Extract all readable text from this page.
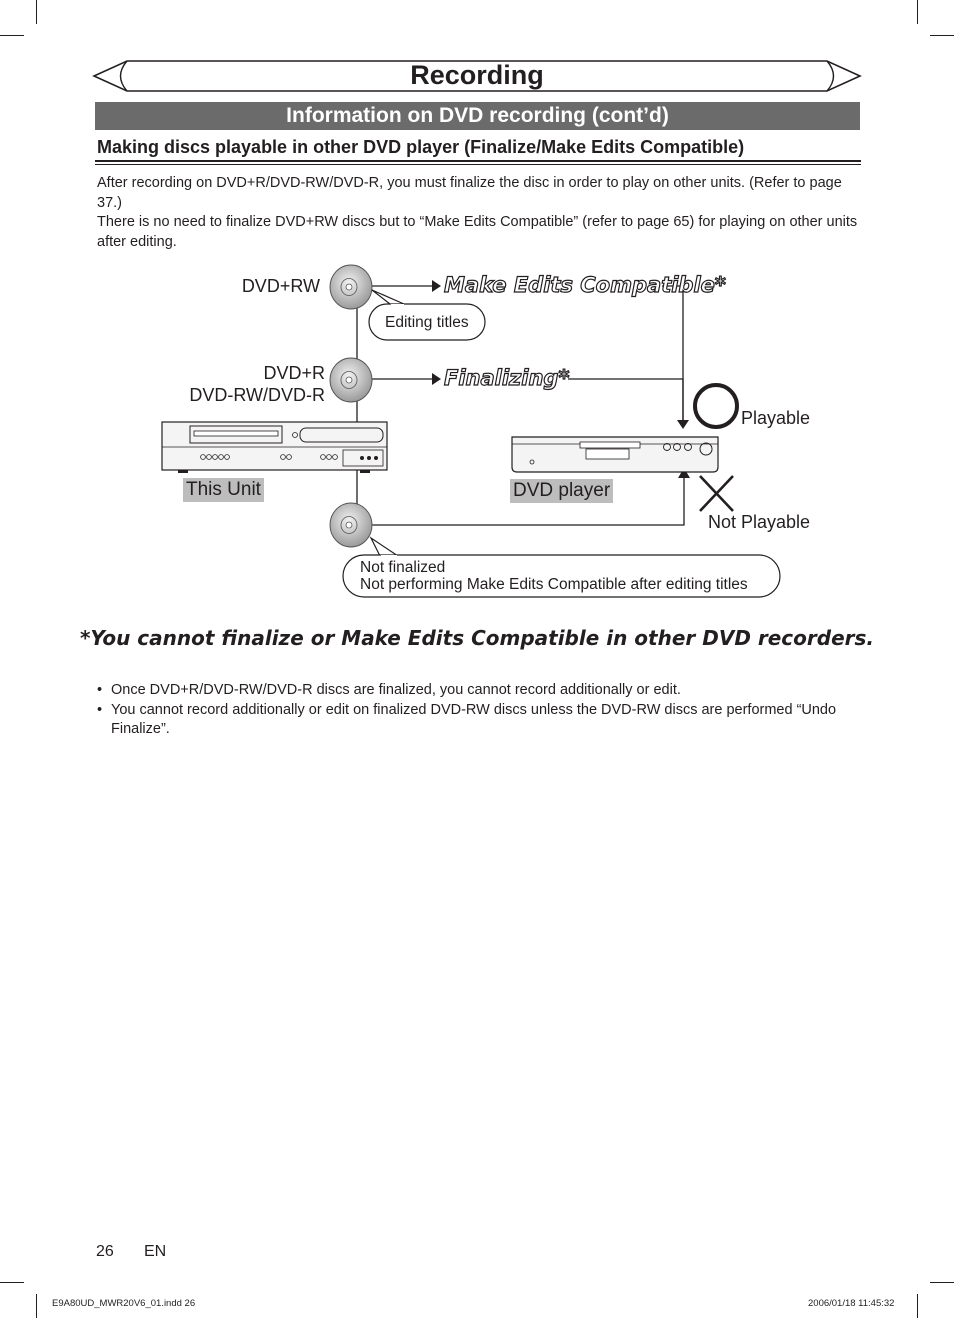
Recording
Information on DVD recording (cont’d)
Making discs playable in other DVD player (Finalize/Make Edits Compatible)

After recording on DVD+R/DVD-RW/DVD-R, you must finalize the disc in order to play on other units. (Refer to page 37.)

There is no need to finalize DVD+RW discs but to “Make Edits Compatible” (refer to page 65) for playing on other units after editing.

DVD+RW
DVD+R
DVD-RW/DVD-R
Make Edits Compatible*
Finalizing*
Editing titles
This Unit	DVD player
Playable
Not Playable
Not finalized
Not performing Make Edits Compatible after editing titles
*You cannot finalize or Make Edits Compatible in other DVD recorders.
• Once DVD+R/DVD-RW/DVD-R discs are finalized, you cannot record additionally or edit.
• You cannot record additionally or edit on finalized DVD-RW discs unless the DVD-RW discs are performed “Undo Finalize”.
26 EN
E9A80UD_MWR20V6_01.indd 26	2006/01/18 11:45:32
